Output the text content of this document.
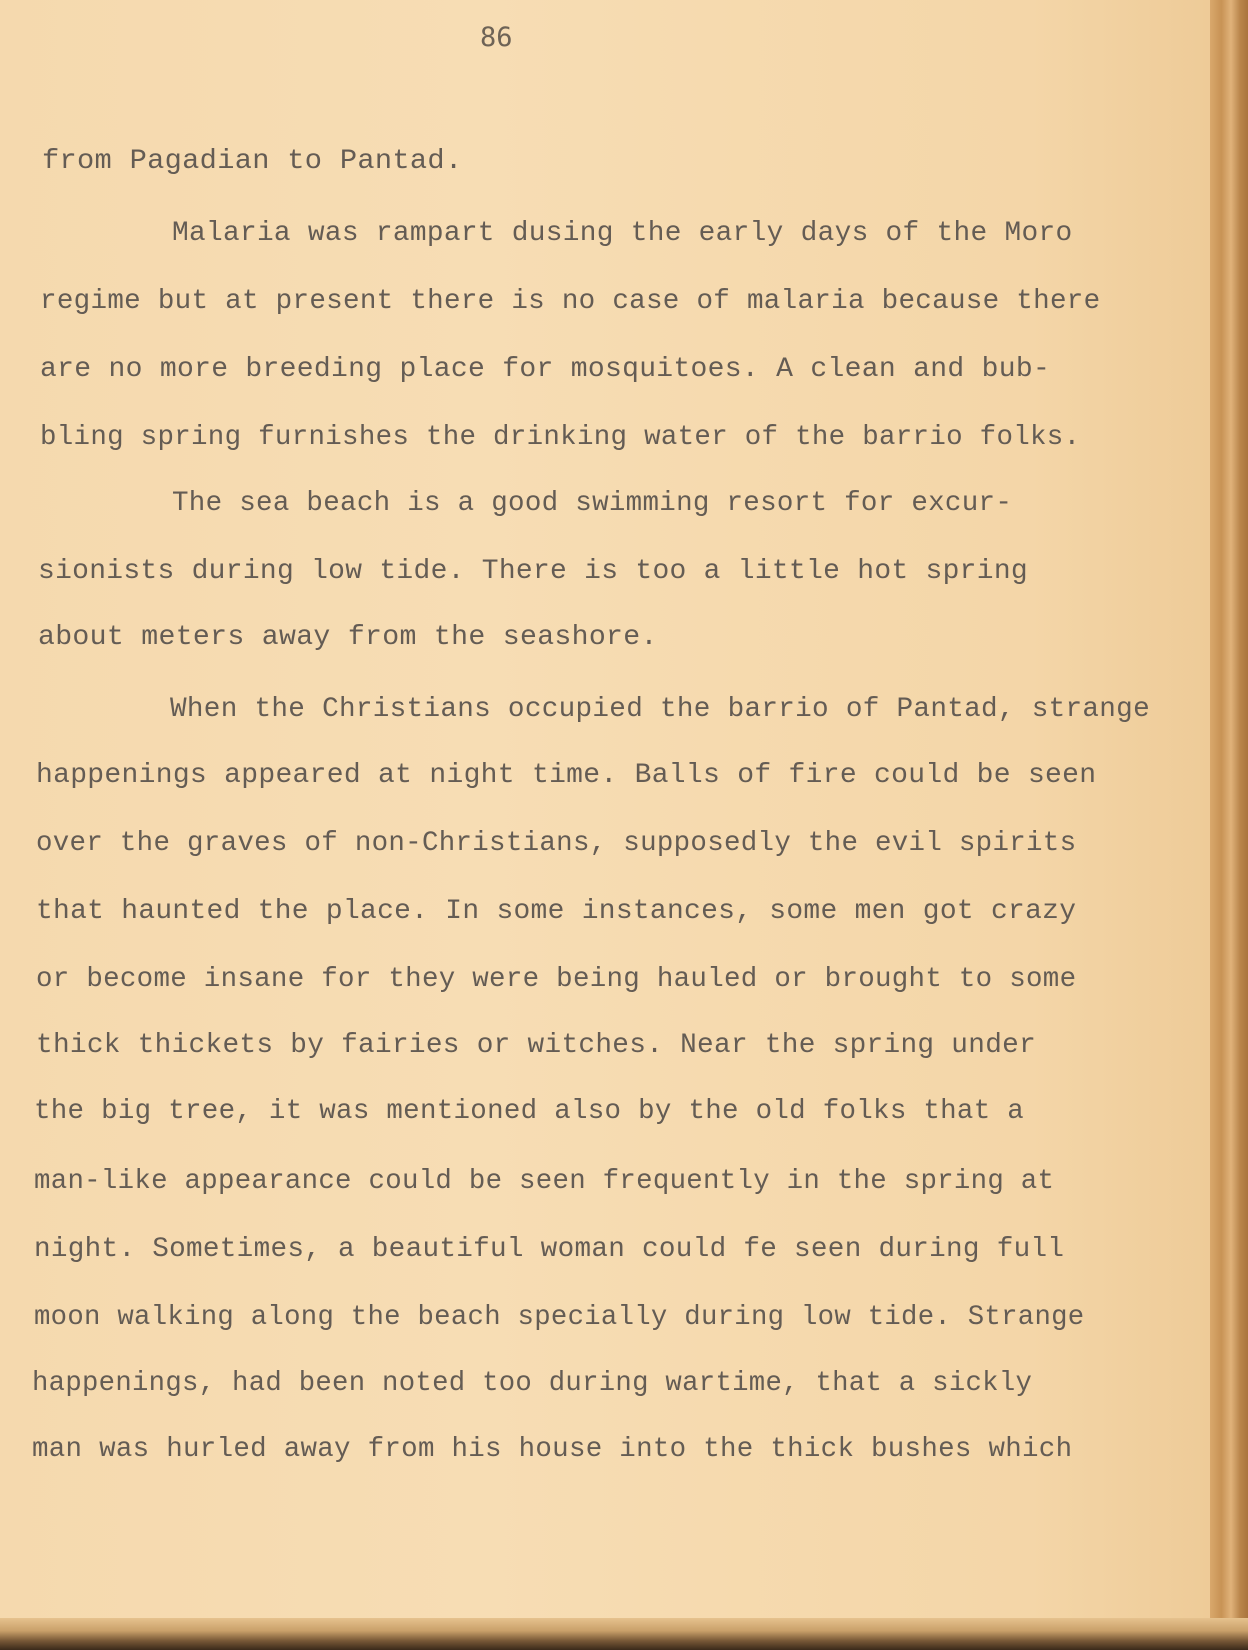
86
from Pagadian to Pantad.
Malaria was rampart dusing the early days of the Moro
regime but at present there is no case of malaria because there
are no more breeding place for mosquitoes. A clean and bub-
bling spring furnishes the drinking water of the barrio folks.
The sea beach is a good swimming resort for excur-
sionists during low tide. There is too a little hot spring
about meters away from the seashore.
When the Christians occupied the barrio of Pantad, strange
happenings appeared at night time. Balls of fire could be seen
over the graves of non-Christians, supposedly the evil spirits
that haunted the place. In some instances, some men got crazy
or become insane for they were being hauled or brought to some
thick thickets by fairies or witches. Near the spring under
the big tree, it was mentioned also by the old folks that a
man-like appearance could be seen frequently in the spring at
night. Sometimes, a beautiful woman could fe seen during full
moon walking along the beach specially during low tide. Strange
happenings, had been noted too during wartime, that a sickly
man was hurled away from his house into the thick bushes which
